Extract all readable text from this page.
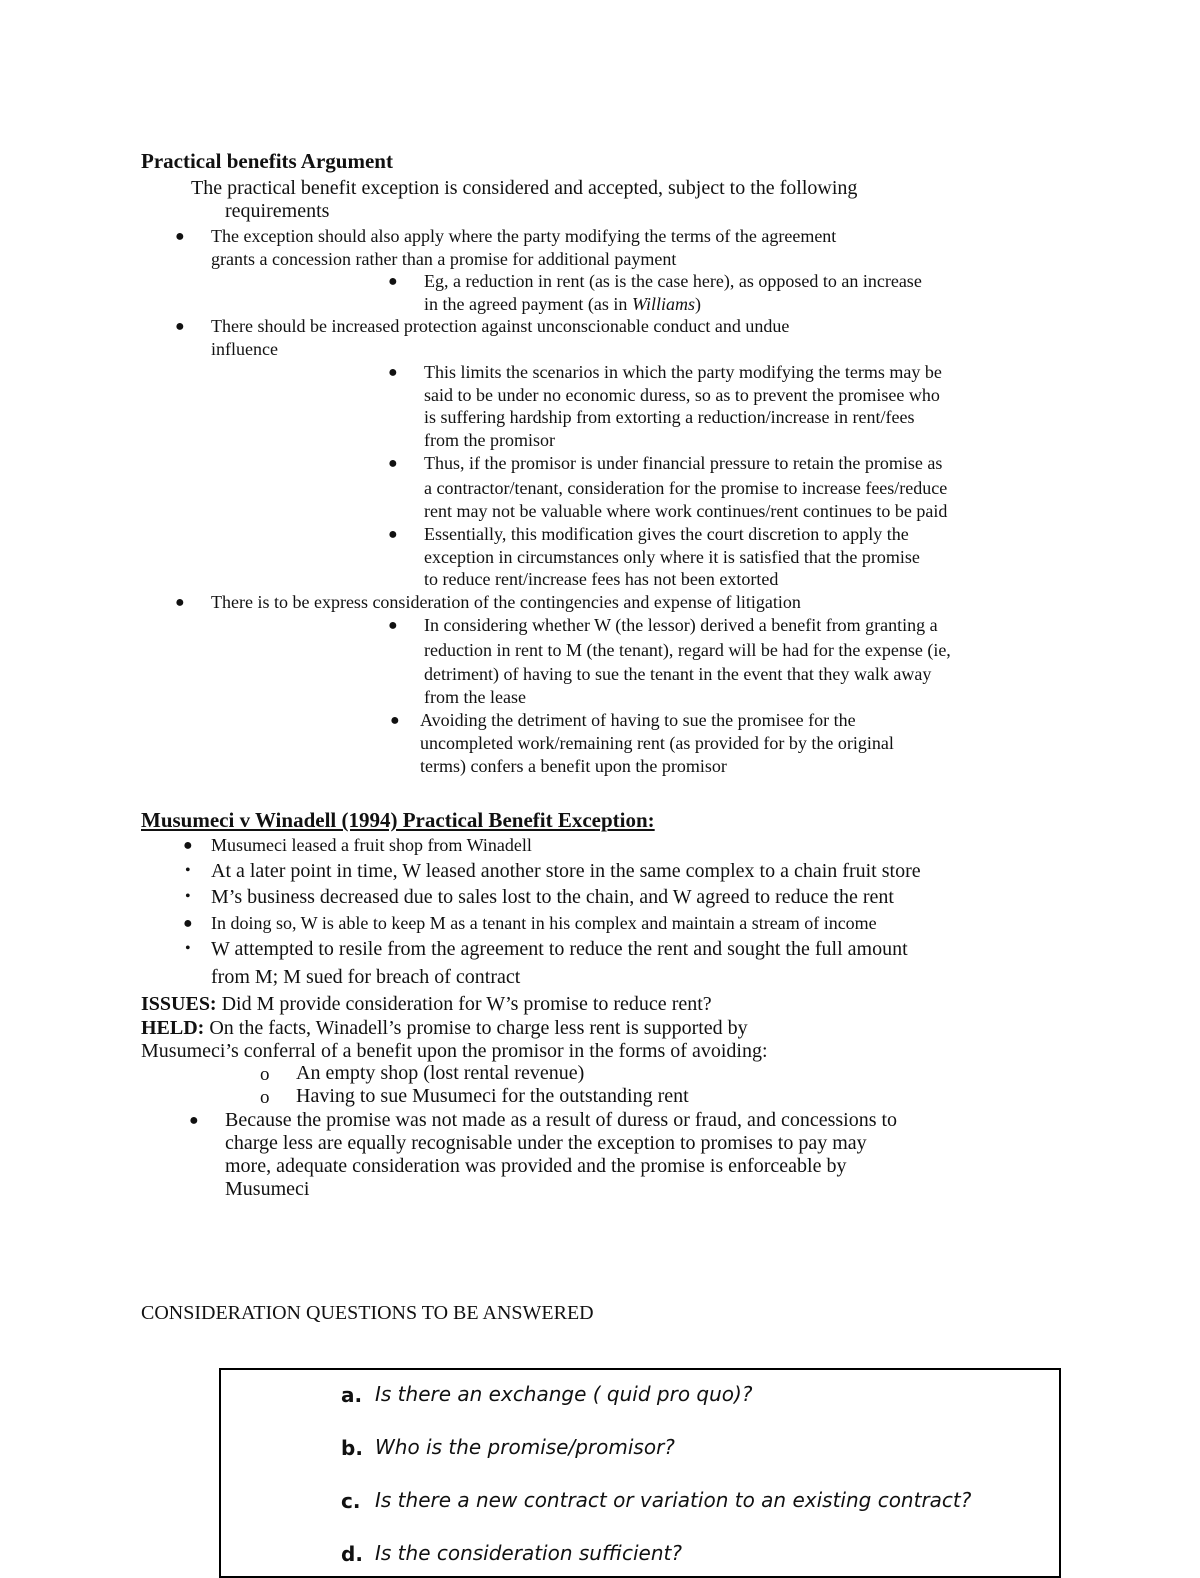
Practical benefits Argument
The practical benefit exception is considered and accepted, subject to the following
requirements
● The exception should also apply where the party modifying the terms of the agreement
grants a concession rather than a promise for additional payment
● Eg, a reduction in rent (as is the case here), as opposed to an increase
in the agreed payment (as in Williams)
● There should be increased protection against unconscionable conduct and undue
influence
● This limits the scenarios in which the party modifying the terms may be
said to be under no economic duress, so as to prevent the promisee who
is suffering hardship from extorting a reduction/increase in rent/fees
from the promisor
● Thus, if the promisor is under financial pressure to retain the promise as
a contractor/tenant, consideration for the promise to increase fees/reduce
rent may not be valuable where work continues/rent continues to be paid
● Essentially, this modification gives the court discretion to apply the
exception in circumstances only where it is satisfied that the promise
to reduce rent/increase fees has not been extorted
● There is to be express consideration of the contingencies and expense of litigation
● In considering whether W (the lessor) derived a benefit from granting a
reduction in rent to M (the tenant), regard will be had for the expense (ie,
detriment) of having to sue the tenant in the event that they walk away
from the lease
● Avoiding the detriment of having to sue the promisee for the
uncompleted work/remaining rent (as provided for by the original
terms) confers a benefit upon the promisor
Musumeci v Winadell (1994) Practical Benefit Exception:
● Musumeci leased a fruit shop from Winadell
• At a later point in time, W leased another store in the same complex to a chain fruit store
• M’s business decreased due to sales lost to the chain, and W agreed to reduce the rent
● In doing so, W is able to keep M as a tenant in his complex and maintain a stream of income
• W attempted to resile from the agreement to reduce the rent and sought the full amount
from M; M sued for breach of contract
ISSUES: Did M provide consideration for W’s promise to reduce rent?
HELD: On the facts, Winadell’s promise to charge less rent is supported by
Musumeci’s conferral of a benefit upon the promisor in the forms of avoiding:
o An empty shop (lost rental revenue)
o Having to sue Musumeci for the outstanding rent
● Because the promise was not made as a result of duress or fraud, and concessions to
charge less are equally recognisable under the exception to promises to pay may
more, adequate consideration was provided and the promise is enforceable by
Musumeci
CONSIDERATION QUESTIONS TO BE ANSWERED
a. Is there an exchange ( quid pro quo)?
b. Who is the promise/promisor?
c. Is there a new contract or variation to an existing contract?
d. Is the consideration sufficient?
